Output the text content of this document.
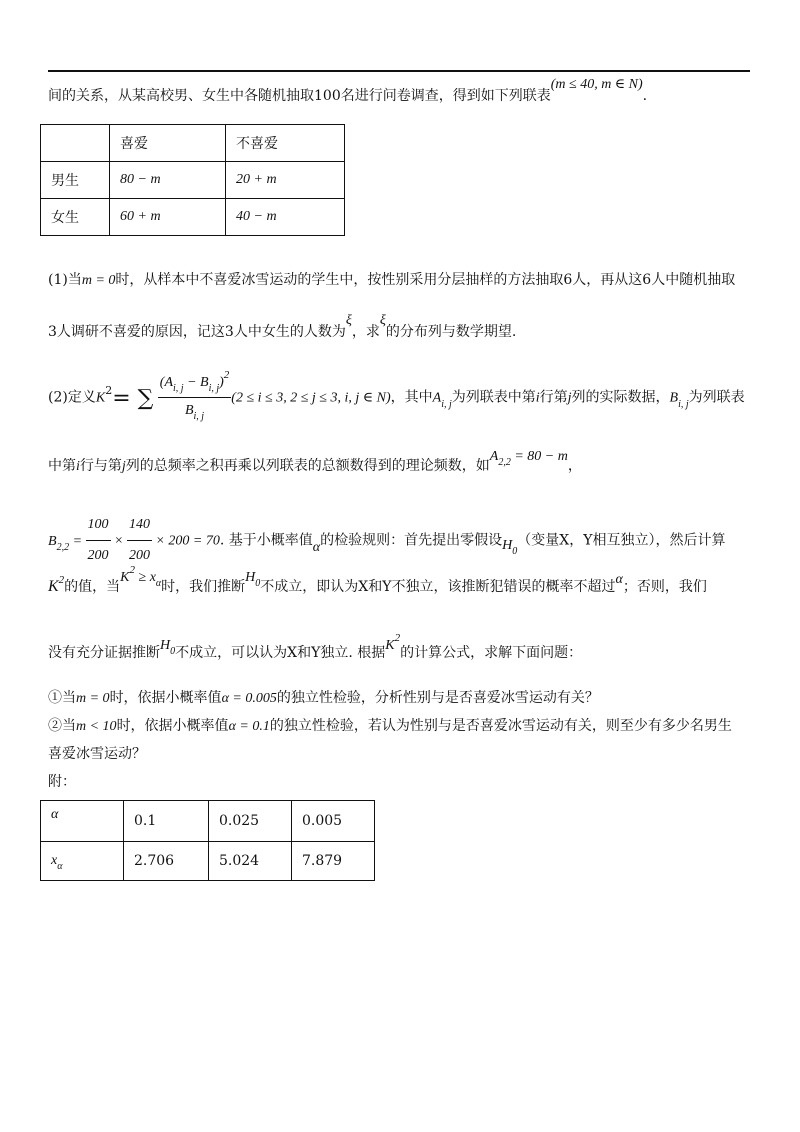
间的关系，从某高校男、女生中各随机抽取100名进行问卷调查，得到如下列联表(m ≤ 40, m ∈ N).
	喜爱	不喜爱
男生	80 − m	20 + m
女生	60 + m	40 − m
(1)当m = 0时，从样本中不喜爱冰雪运动的学生中，按性别采用分层抽样的方法抽取6人，再从这6人中随机抽取
3人调研不喜爱的原因，记这3人中女生的人数为ξ，求ξ的分布列与数学期望.
(2)定义$K^2=$ ∑ $\frac{(A_{i, j} - B_{i, j})^2}{B_{i, j}} (2 \le i \le 3$, 2 ≤ j ≤ 3, i, j ∈ N)，其中$A_{i, j}$为列联表中第i行第j列的实际数据，$B_{i, j}$为列联表
中第i行与第j列的总频率之积再乘以列联表的总额数得到的理论频数，如$A_{2,2} = 80 - m$，
$B_{2,2} = \frac{100}{200} \times \frac{140}{200} \times 200 = 70$. 基于小概率值α的检验规则：首先提出零假设$H_0$（变量X，Y相互独立），然后计算
$K^2$的值，当$K^2 \ge x_\alpha$时，我们推断$H_0$不成立，即认为X和Y不独立，该推断犯错误的概率不超过α；否则，我们
没有充分证据推断$H_0$不成立，可以认为X和Y独立. 根据$K^2$的计算公式，求解下面问题：
①当m = 0时，依据小概率值α = 0.005的独立性检验，分析性别与是否喜爱冰雪运动有关？
②当m < 10时，依据小概率值α = 0.1的独立性检验，若认为性别与是否喜爱冰雪运动有关，则至少有多少名男生
喜爱冰雪运动？
附：
α	0.1	0.025	0.005
$x_\alpha$	2.706	5.024	7.879
